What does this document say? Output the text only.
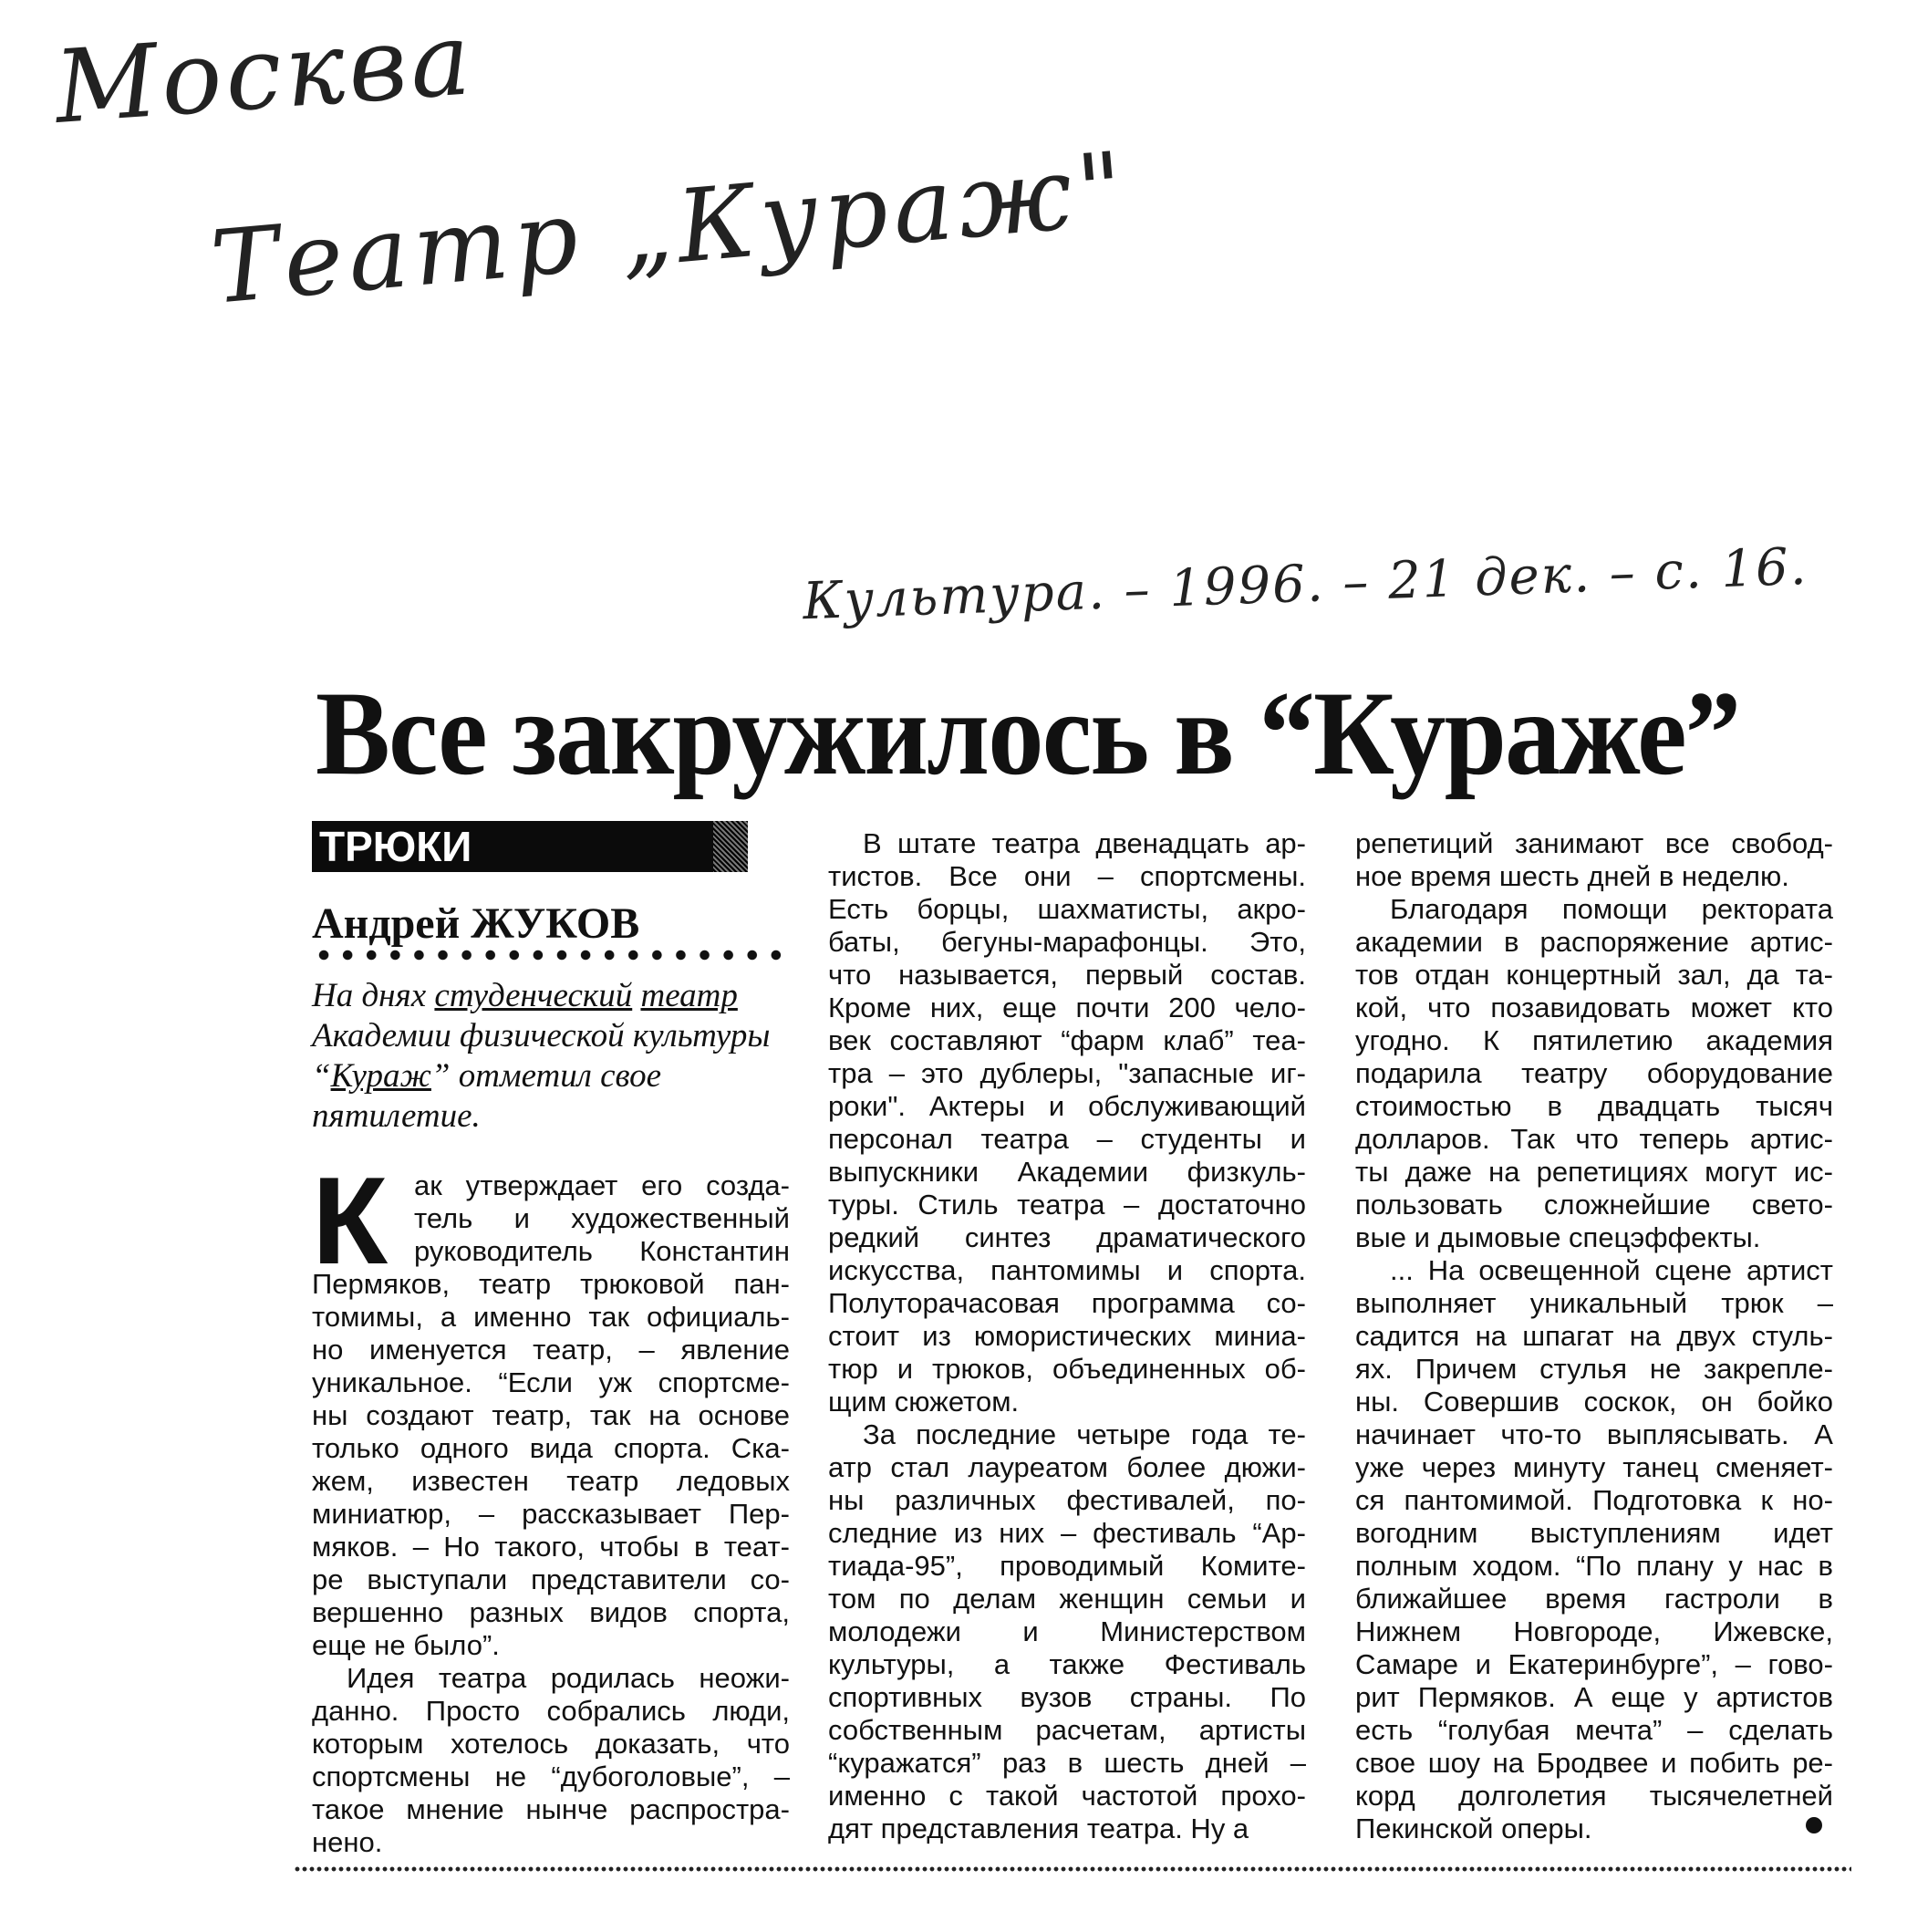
Москва
Театр „Кураж"
Культура. – 1996. – 21 дек. – с. 16.
Все закружилось в “Кураже”
ТРЮКИ
Андрей ЖУКОВ
На днях студенческий театр Академии физической культуры “Кураж” отметил свое пятилетие.
К ак утверждает его созда-
тель и художественный
руководитель Константин
Пермяков, театр трюковой пан-
томимы, а именно так официаль-
но именуется театр, – явление
уникальное. “Если уж спортсме-
ны создают театр, так на основе
только одного вида спорта. Ска-
жем, известен театр ледовых
миниатюр, – рассказывает Пер-
мяков. – Но такого, чтобы в теат-
ре выступали представители со-
вершенно разных видов спорта,
еще не было”.
Идея театра родилась неожи-
данно. Просто собрались люди,
которым хотелось доказать, что
спортсмены не “дубоголовые”, –
такое мнение нынче распростра-
нено.
В штате театра двенадцать ар-
тистов. Все они – спортсмены.
Есть борцы, шахматисты, акро-
баты, бегуны-марафонцы. Это,
что называется, первый состав.
Кроме них, еще почти 200 чело-
век составляют “фарм клаб” теа-
тра – это дублеры, "запасные иг-
роки". Актеры и обслуживающий
персонал театра – студенты и
выпускники Академии физкуль-
туры. Стиль театра – достаточно
редкий синтез драматического
искусства, пантомимы и спорта.
Полуторачасовая программа со-
стоит из юмористических миниа-
тюр и трюков, объединенных об-
щим сюжетом.
За последние четыре года те-
атр стал лауреатом более дюжи-
ны различных фестивалей, по-
следние из них – фестиваль “Ар-
тиада-95”, проводимый Комите-
том по делам женщин семьи и
молодежи и Министерством
культуры, а также Фестиваль
спортивных вузов страны. По
собственным расчетам, артисты
“куражатся” раз в шесть дней –
именно с такой частотой прохо-
дят представления театра. Ну а
репетиций занимают все свобод-
ное время шесть дней в неделю.
Благодаря помощи ректората
академии в распоряжение артис-
тов отдан концертный зал, да та-
кой, что позавидовать может кто
угодно. К пятилетию академия
подарила театру оборудование
стоимостью в двадцать тысяч
долларов. Так что теперь артис-
ты даже на репетициях могут ис-
пользовать сложнейшие свето-
вые и дымовые спецэффекты.
... На освещенной сцене артист
выполняет уникальный трюк –
садится на шпагат на двух стуль-
ях. Причем стулья не закрепле-
ны. Совершив соскок, он бойко
начинает что-то выплясывать. А
уже через минуту танец сменяет-
ся пантомимой. Подготовка к но-
вогодним выступлениям идет
полным ходом. “По плану у нас в
ближайшее время гастроли в
Нижнем Новгороде, Ижевске,
Самаре и Екатеринбурге”, – гово-
рит Пермяков. А еще у артистов
есть “голубая мечта” – сделать
свое шоу на Бродвее и побить ре-
корд долголетия тысячелетней
Пекинской оперы.
